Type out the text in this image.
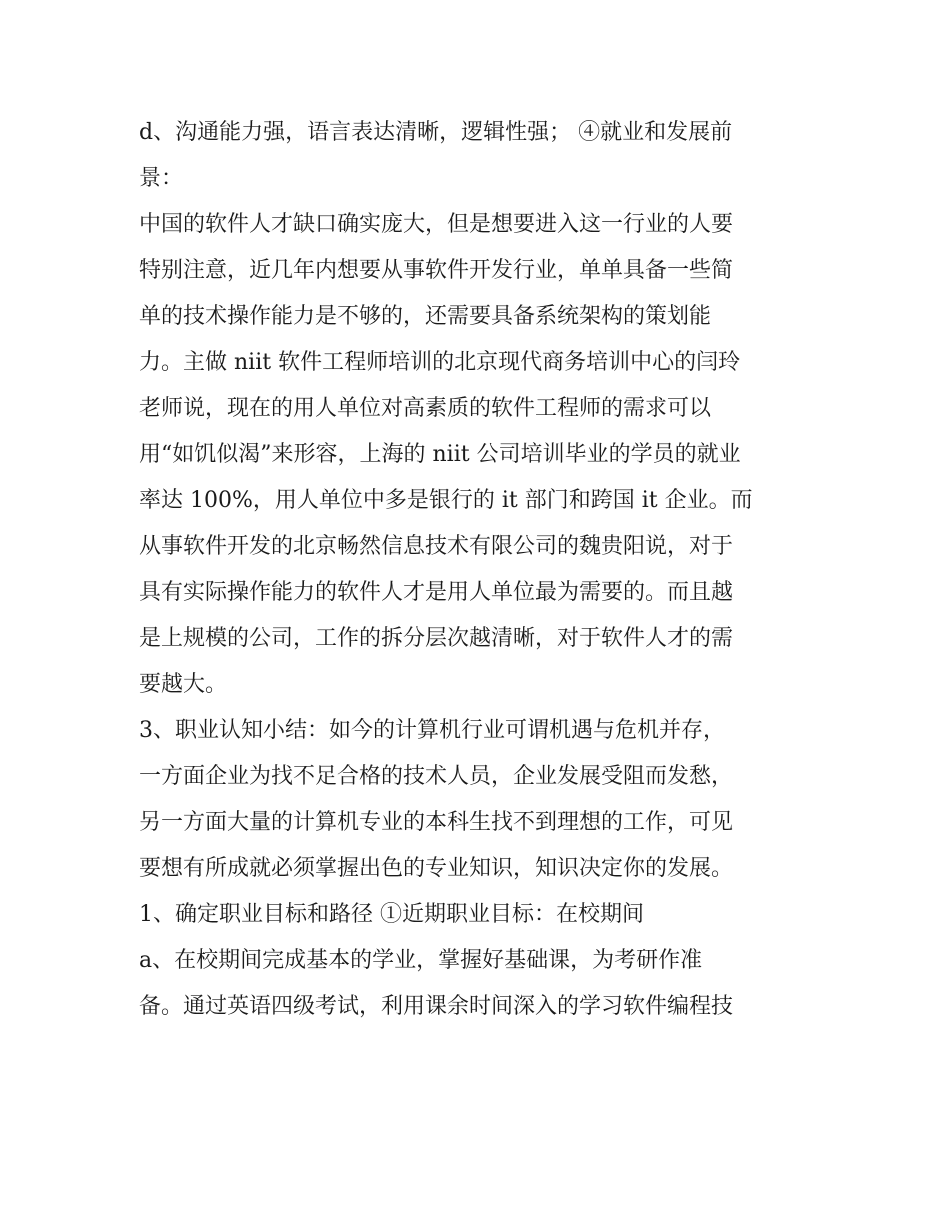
d、沟通能力强，语言表达清晰，逻辑性强； ④就业和发展前
景：
中国的软件人才缺口确实庞大，但是想要进入这一行业的人要
特别注意，近几年内想要从事软件开发行业，单单具备一些简
单的技术操作能力是不够的，还需要具备系统架构的策划能
力。主做 niit 软件工程师培训的北京现代商务培训中心的闫玲
老师说，现在的用人单位对高素质的软件工程师的需求可以
用“如饥似渴”来形容，上海的 niit 公司培训毕业的学员的就业
率达 100%，用人单位中多是银行的 it 部门和跨国 it 企业。而
从事软件开发的北京畅然信息技术有限公司的魏贵阳说，对于
具有实际操作能力的软件人才是用人单位最为需要的。而且越
是上规模的公司，工作的拆分层次越清晰，对于软件人才的需
要越大。
3、职业认知小结：如今的计算机行业可谓机遇与危机并存，
一方面企业为找不足合格的技术人员，企业发展受阻而发愁，
另一方面大量的计算机专业的本科生找不到理想的工作，可见
要想有所成就必须掌握出色的专业知识，知识决定你的发展。
1、确定职业目标和路径 ①近期职业目标：在校期间
a、在校期间完成基本的学业，掌握好基础课，为考研作准
备。通过英语四级考试，利用课余时间深入的学习软件编程技
